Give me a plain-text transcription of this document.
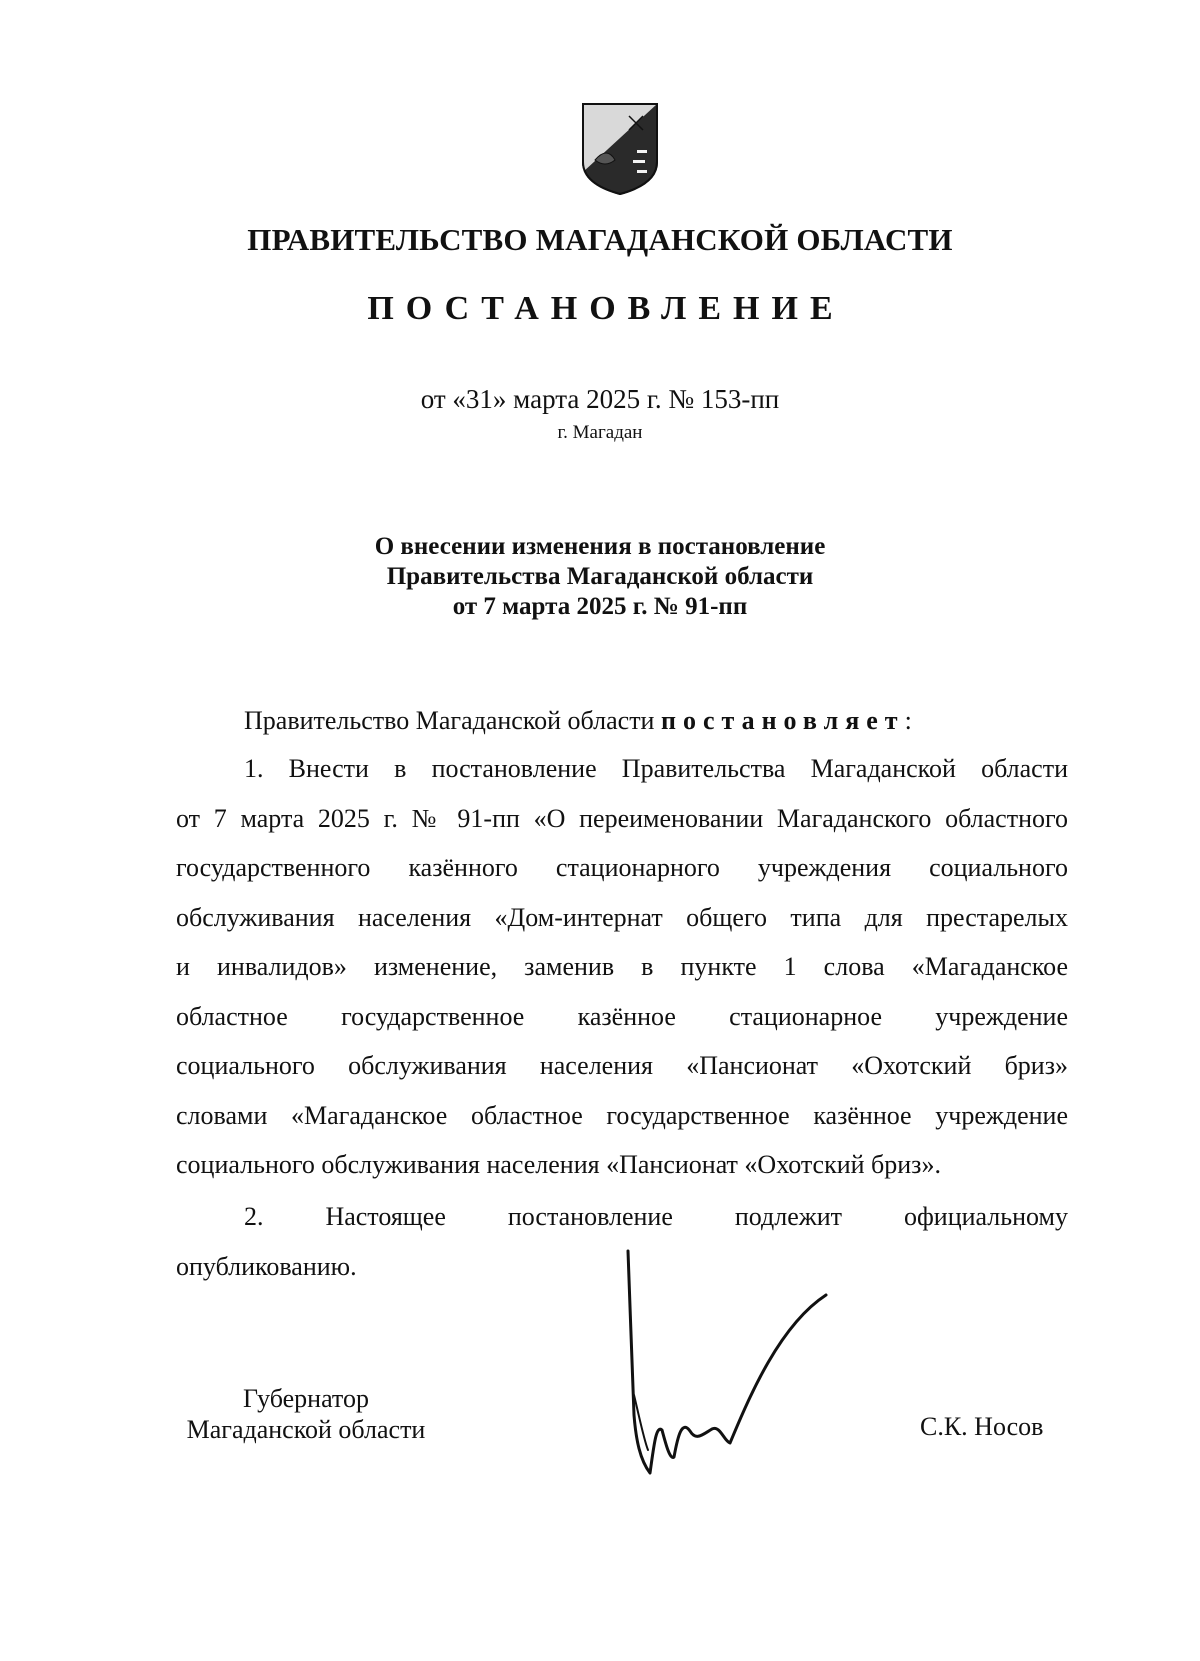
ПРАВИТЕЛЬСТВО МАГАДАНСКОЙ ОБЛАСТИ
ПОСТАНОВЛЕНИЕ
от «31» марта 2025 г. № 153-пп
г. Магадан
О внесении изменения в постановление
Правительства Магаданской области
от 7 марта 2025 г. № 91-пп
Правительство Магаданской области постановляет:
1. Внести в постановление Правительства Магаданской области
от 7 марта 2025 г. № 91-пп «О переименовании Магаданского областного
государственного казённого стационарного учреждения социального
обслуживания населения «Дом-интернат общего типа для престарелых
и инвалидов» изменение, заменив в пункте 1 слова «Магаданское
областное государственное казённое стационарное учреждение
социального обслуживания населения «Пансионат «Охотский бриз»
словами «Магаданское областное государственное казённое учреждение
социального обслуживания населения «Пансионат «Охотский бриз».
2. Настоящее постановление подлежит официальному
опубликованию.
Губернатор
Магаданской области	С.К. Носов
